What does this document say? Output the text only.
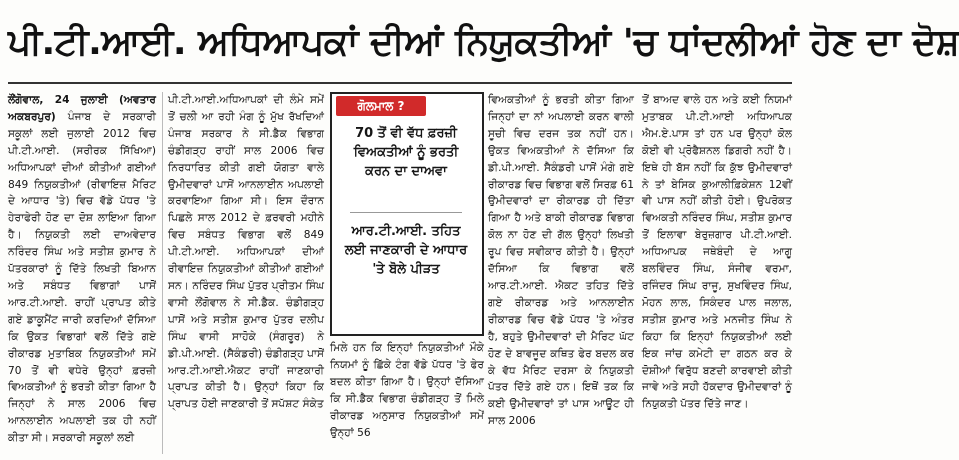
ਪੀ.ਟੀ.ਆਈ. ਅਧਿਆਪਕਾਂ ਦੀਆਂ ਨਿਯੁਕਤੀਆਂ 'ਚ ਧਾਂਦਲੀਆਂ ਹੋਣ ਦਾ ਦੋਸ਼

ਲੌਂਗੋਵਾਲ, 24 ਜੁਲਾਈ (ਅਵਤਾਰ ਅਕਬਰਪੁਰ) ਪੰਜਾਬ ਦੇ ਸਰਕਾਰੀ ਸਕੂਲਾਂ ਲਈ ਜੁਲਾਈ 2012 ਵਿਚ ਪੀ.ਟੀ.ਆਈ. (ਸਰੀਰਕ ਸਿੱਖਿਆ) ਅਧਿਆਪਕਾਂ ਦੀਆਂ ਕੀਤੀਆਂ ਗਈਆਂ 849 ਨਿਯੁਕਤੀਆਂ (ਰੀਵਾਇਜ਼ ਮੈਰਿਟ ਦੇ ਆਧਾਰ 'ਤੇ) ਵਿਚ ਵੱਡੇ ਪੱਧਰ 'ਤੇ ਹੇਰਾਫੇਰੀ ਹੋਣ ਦਾ ਦੋਸ਼ ਲਾਇਆ ਗਿਆ ਹੈ। ਨਿਯੁਕਤੀ ਲਈ ਦਾਅਵੇਦਾਰ ਨਰਿੰਦਰ ਸਿੰਘ ਅਤੇ ਸਤੀਸ਼ ਕੁਮਾਰ ਨੇ ਪੱਤਰਕਾਰਾਂ ਨੂੰ ਦਿੱਤੇ ਲਿਖਤੀ ਬਿਆਨ ਅਤੇ ਸਬੰਧਤ ਵਿਭਾਗਾਂ ਪਾਸੋਂ ਆਰ.ਟੀ.ਆਈ. ਰਾਹੀਂ ਪ੍ਰਾਪਤ ਕੀਤੇ ਗਏ ਡਾਕੂਮੈਂਟ ਜਾਰੀ ਕਰਦਿਆਂ ਦੱਸਿਆ ਕਿ ਉਕਤ ਵਿਭਾਗਾਂ ਵਲੋਂ ਦਿੱਤੇ ਗਏ ਰੀਕਾਰਡ ਮੁਤਾਬਿਕ ਨਿਯੁਕਤੀਆਂ ਸਮੇਂ 70 ਤੋਂ ਵੀ ਵਧੇਰੇ ਉਨ੍ਹਾਂ ਫ਼ਰਜ਼ੀ ਵਿਅਕਤੀਆਂ ਨੂੰ ਭਰਤੀ ਕੀਤਾ ਗਿਆ ਹੈ ਜਿਨ੍ਹਾਂ ਨੇ ਸਾਲ 2006 ਵਿਚ ਆਨਲਾਈਨ ਅਪਲਾਈ ਤਕ ਹੀ ਨਹੀਂ ਕੀਤਾ ਸੀ। ਸਰਕਾਰੀ ਸਕੂਲਾਂ ਲਈ

ਪੀ.ਟੀ.ਆਈ.ਅਧਿਆਪਕਾਂ ਦੀ ਲੰਮੇ ਸਮੇਂ ਤੋਂ ਚਲੀ ਆ ਰਹੀ ਮੰਗ ਨੂੰ ਮੁੱਖ ਰੱਖਦਿਆਂ ਪੰਜਾਬ ਸਰਕਾਰ ਨੇ ਸੀ.ਡੈਕ ਵਿਭਾਗ ਚੰਡੀਗੜ੍ਹ ਰਾਹੀਂ ਸਾਲ 2006 ਵਿਚ ਨਿਰਧਾਰਿਤ ਕੀਤੀ ਗਈ ਯੋਗਤਾ ਵਾਲੇ ਉਮੀਦਵਾਰਾਂ ਪਾਸੋਂ ਆਨਲਾਈਨ ਅਪਲਾਈ ਕਰਵਾਇਆ ਗਿਆ ਸੀ। ਇਸ ਦੌਰਾਨ ਪਿਛਲੇ ਸਾਲ 2012 ਦੇ ਫ਼ਰਵਰੀ ਮਹੀਨੇ ਵਿਚ ਸਬੰਧਤ ਵਿਭਾਗ ਵਲੋਂ 849 ਪੀ.ਟੀ.ਆਈ. ਅਧਿਆਪਕਾਂ ਦੀਆਂ ਰੀਵਾਇਜ਼ ਨਿਯੁਕਤੀਆਂ ਕੀਤੀਆਂ ਗਈਆਂ ਸਨ। ਨਰਿੰਦਰ ਸਿੰਘ ਪੁੱਤਰ ਪ੍ਰੀਤਮ ਸਿੰਘ ਵਾਸੀ ਲੌਂਗੋਵਾਲ ਨੇ ਸੀ.ਡੈਕ. ਚੰਡੀਗੜ੍ਹ ਪਾਸੋਂ ਅਤੇ ਸਤੀਸ਼ ਕੁਮਾਰ ਪੁੱਤਰ ਦਲੀਪ ਸਿੰਘ ਵਾਸੀ ਸਾਹੋਕੇ (ਸੰਗਰੂਰ) ਨੇ ਡੀ.ਪੀ.ਆਈ. (ਸੈਕੰਡਰੀ) ਚੰਡੀਗੜ੍ਹ ਪਾਸੋਂ ਆਰ.ਟੀ.ਆਈ.ਐਕਟ ਰਾਹੀਂ ਜਾਣਕਾਰੀ ਪ੍ਰਾਪਤ ਕੀਤੀ ਹੈ। ਉਨ੍ਹਾਂ ਕਿਹਾ ਕਿ ਪ੍ਰਾਪਤ ਹੋਈ ਜਾਣਕਾਰੀ ਤੋਂ ਸਪੱਸ਼ਟ ਸੰਕੇਤ

ਗੋਲਮਾਲ ?
70 ਤੋਂ ਵੀ ਵੱਧ ਫ਼ਰਜ਼ੀ ਵਿਅਕਤੀਆਂ ਨੂੰ ਭਰਤੀ ਕਰਨ ਦਾ ਦਾਅਵਾ
ਆਰ.ਟੀ.ਆਈ. ਤਹਿਤ ਲਈ ਜਾਣਕਾਰੀ ਦੇ ਆਧਾਰ 'ਤੇ ਬੋਲੇ ਪੀੜਤ

ਮਿਲੇ ਹਨ ਕਿ ਇਨ੍ਹਾਂ ਨਿਯੁਕਤੀਆਂ ਮੌਕੇ ਨਿਯਮਾਂ ਨੂੰ ਛਿੱਕੇ ਟੰਗ ਵੱਡੇ ਪੱਧਰ 'ਤੇ ਫੇਰ ਬਦਲ ਕੀਤਾ ਗਿਆ ਹੈ। ਉਨ੍ਹਾਂ ਦੱਸਿਆ ਕਿ ਸੀ.ਡੈਕ ਵਿਭਾਗ ਚੰਡੀਗੜ੍ਹ ਤੋਂ ਮਿਲੇ ਰੀਕਾਰਡ ਅਨੁਸਾਰ ਨਿਯੁਕਤੀਆਂ ਸਮੇਂ ਉਨ੍ਹਾਂ 56

ਵਿਅਕਤੀਆਂ ਨੂੰ ਭਰਤੀ ਕੀਤਾ ਗਿਆ ਜਿਨ੍ਹਾਂ ਦਾ ਨਾਂ ਅਪਲਾਈ ਕਰਨ ਵਾਲੀ ਸੂਚੀ ਵਿਚ ਦਰਜ ਤਕ ਨਹੀਂ ਹਨ। ਉਕਤ ਵਿਅਕਤੀਆਂ ਨੇ ਦੱਸਿਆ ਕਿ ਡੀ.ਪੀ.ਆਈ. ਸੈਕੰਡਰੀ ਪਾਸੋਂ ਮੰਗੇ ਗਏ ਰੀਕਾਰਡ ਵਿਚ ਵਿਭਾਗ ਵਲੋਂ ਸਿਰਫ਼ 61 ਉਮੀਦਵਾਰਾਂ ਦਾ ਰੀਕਾਰਡ ਹੀ ਦਿੱਤਾ ਗਿਆ ਹੈ ਅਤੇ ਬਾਕੀ ਰੀਕਾਰਡ ਵਿਭਾਗ ਕੋਲ ਨਾ ਹੋਣ ਦੀ ਗੱਲ ਉਨ੍ਹਾਂ ਲਿਖਤੀ ਰੂਪ ਵਿਚ ਸਵੀਕਾਰ ਕੀਤੀ ਹੈ। ਉਨ੍ਹਾਂ ਦੱਸਿਆ ਕਿ ਵਿਭਾਗ ਵਲੋਂ ਆਰ.ਟੀ.ਆਈ. ਐਕਟ ਤਹਿਤ ਦਿੱਤੇ ਗਏ ਰੀਕਾਰਡ ਅਤੇ ਆਨਲਾਈਨ ਰੀਕਾਰਡ ਵਿਚ ਵੱਡੇ ਪੱਧਰ 'ਤੇ ਅੰਤਰ ਹੈ, ਬਹੁਤੇ ਉਮੀਦਵਾਰਾਂ ਦੀ ਮੈਰਿਟ ਘੱਟ ਹੋਣ ਦੇ ਬਾਵਜੂਦ ਕਥਿਤ ਫੇਰ ਬਦਲ ਕਰ ਕੇ ਵੱਧ ਮੈਰਿਟ ਦਰਸਾ ਕੇ ਨਿਯੁਕਤੀ ਪੱਤਰ ਦਿੱਤੇ ਗਏ ਹਨ। ਇਥੋਂ ਤਕ ਕਿ ਕਈ ਉਮੀਦਵਾਰਾਂ ਤਾਂ ਪਾਸ ਆਊਟ ਹੀ ਸਾਲ 2006

ਤੋਂ ਬਾਅਦ ਵਾਲੇ ਹਨ ਅਤੇ ਕਈ ਨਿਯਮਾਂ ਮੁਤਾਬਕ ਪੀ.ਟੀ.ਆਈ ਅਧਿਆਪਕ ਐਮ.ਏ.ਪਾਸ ਤਾਂ ਹਨ ਪਰ ਉਨ੍ਹਾਂ ਕੋਲ ਕੋਈ ਵੀ ਪ੍ਰੋਫੈਸ਼ਨਲ ਡਿਗਰੀ ਨਹੀਂ ਹੈ। ਇਥੇ ਹੀ ਬੱਸ ਨਹੀਂ ਕਿ ਕੁੱਝ ਉਮੀਦਵਾਰਾਂ ਨੇ ਤਾਂ ਬੇਸਿਕ ਕੁਆਲੀਫ਼ਿਕੇਸ਼ਨ 12ਵੀਂ ਵੀ ਪਾਸ ਨਹੀਂ ਕੀਤੀ ਹੋਈ। ਉਪਰੋਕਤ ਵਿਅਕਤੀ ਨਰਿੰਦਰ ਸਿੰਘ, ਸਤੀਸ਼ ਕੁਮਾਰ ਤੋਂ ਇਲਾਵਾ ਬੇਰੁਜ਼ਗਾਰ ਪੀ.ਟੀ.ਆਈ. ਅਧਿਆਪਕ ਜਥੇਬੰਦੀ ਦੇ ਆਗੂ ਬਲਵਿੰਦਰ ਸਿੰਘ, ਸੰਜੀਵ ਵਰਮਾ, ਰਜਿੰਦਰ ਸਿੰਘ ਰਾਜੂ, ਸੁਖਵਿੰਦਰ ਸਿੰਘ, ਮੋਹਨ ਲਾਲ, ਸਿਕੰਦਰ ਪਾਲ ਜਲਾਲ, ਸਤੀਸ਼ ਕੁਮਾਰ ਅਤੇ ਮਨਜੀਤ ਸਿੰਘ ਨੇ ਕਿਹਾ ਕਿ ਇਨ੍ਹਾਂ ਨਿਯੁਕਤੀਆਂ ਲਈ ਇਕ ਜਾਂਚ ਕਮੇਟੀ ਦਾ ਗਠਨ ਕਰ ਕੇ ਦੋਸ਼ੀਆਂ ਵਿਰੁੱਧ ਬਣਦੀ ਕਾਰਵਾਈ ਕੀਤੀ ਜਾਵੇ ਅਤੇ ਸਹੀ ਹੱਕਦਾਰ ਉਮੀਦਵਾਰਾਂ ਨੂੰ ਨਿਯੁਕਤੀ ਪੱਤਰ ਦਿੱਤੇ ਜਾਣ।
